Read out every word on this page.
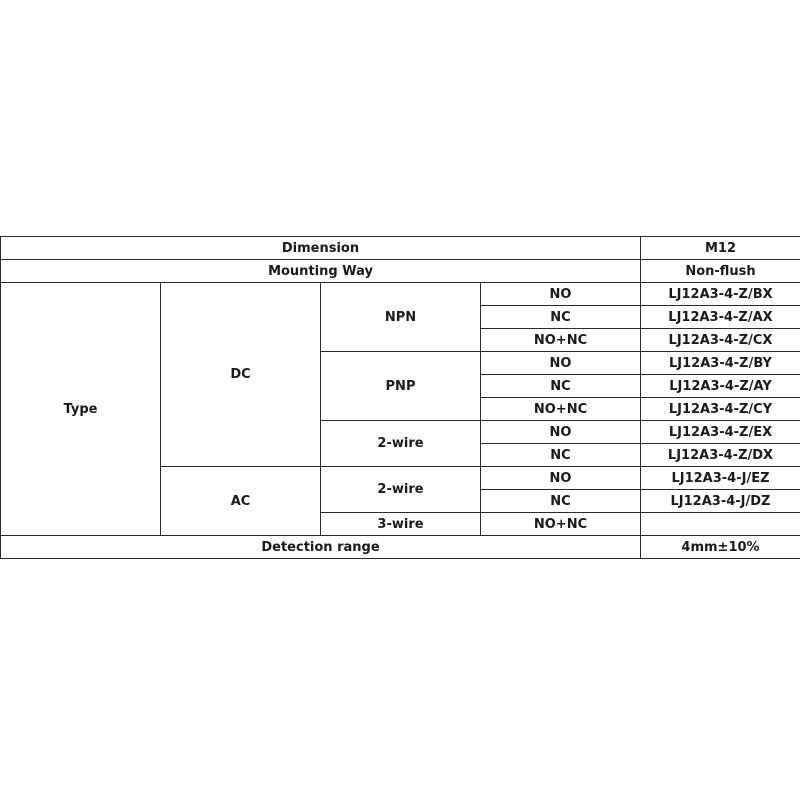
Dimension				M12
Mounting Way				Non-flush
Type	DC	NPN	NO	LJ12A3-4-Z/BX
			NC	LJ12A3-4-Z/AX
			NO+NC	LJ12A3-4-Z/CX
		PNP	NO	LJ12A3-4-Z/BY
			NC	LJ12A3-4-Z/AY
			NO+NC	LJ12A3-4-Z/CY
		2-wire	NO	LJ12A3-4-Z/EX
			NC	LJ12A3-4-Z/DX
	AC	2-wire	NO	LJ12A3-4-J/EZ
			NC	LJ12A3-4-J/DZ
		3-wire	NO+NC	
Detection range				4mm±10%
